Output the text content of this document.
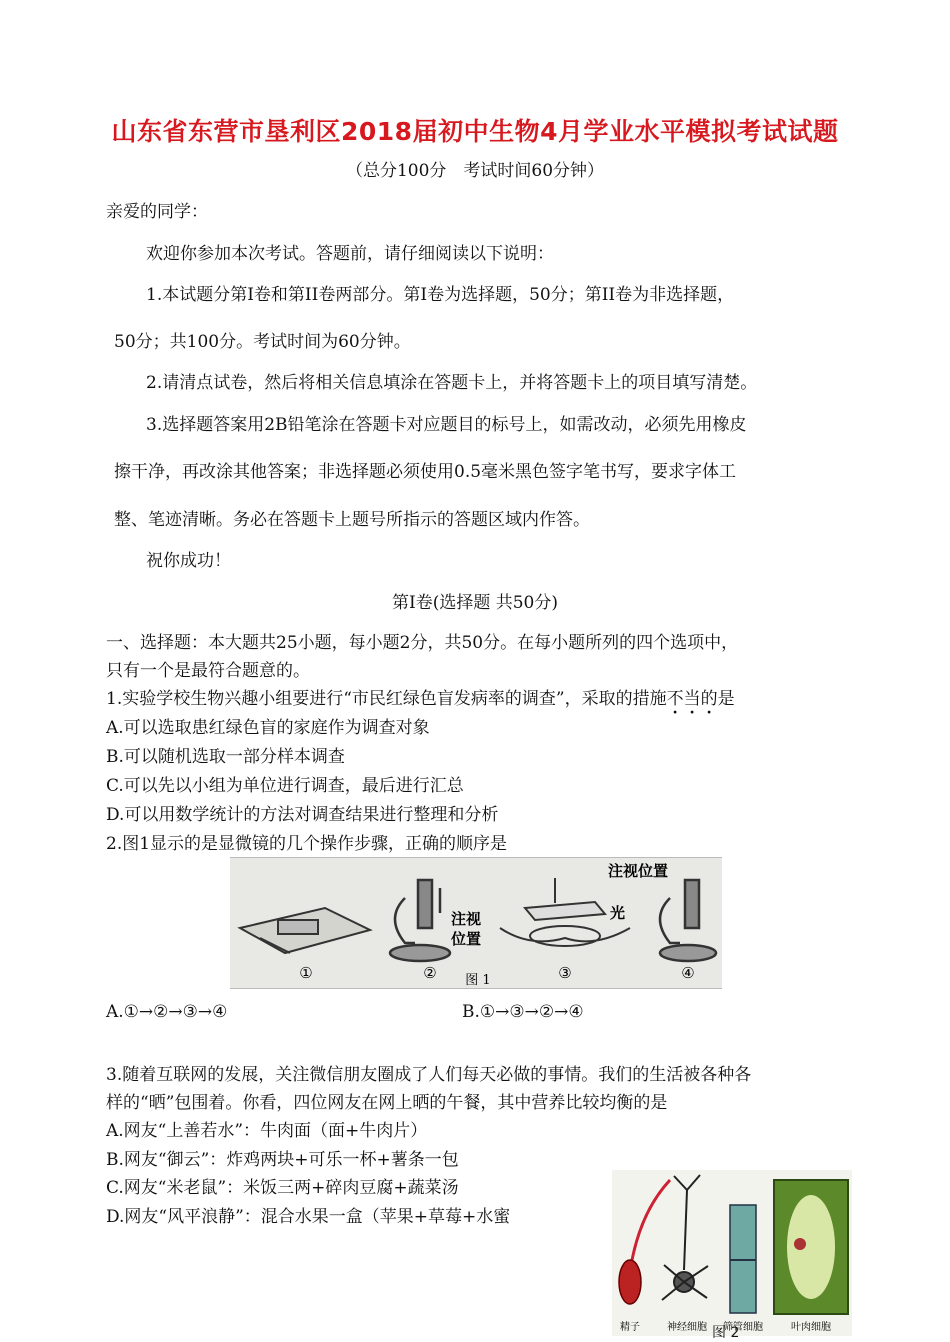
山东省东营市垦利区2018届初中生物4月学业水平模拟考试试题
（总分100分　考试时间60分钟）
亲爱的同学：
欢迎你参加本次考试。答题前，请仔细阅读以下说明：
1.本试题分第Ⅰ卷和第II卷两部分。第Ⅰ卷为选择题，50分；第II卷为非选择题，
50分；共100分。考试时间为60分钟。
2.请清点试卷，然后将相关信息填涂在答题卡上，并将答题卡上的项目填写清楚。
3.选择题答案用2B铅笔涂在答题卡对应题目的标号上，如需改动，必须先用橡皮
擦干净，再改涂其他答案；非选择题必须使用0.5毫米黑色签字笔书写，要求字体工
整、笔迹清晰。务必在答题卡上题号所指示的答题区域内作答。
祝你成功！
第Ⅰ卷(选择题 共50分)
一、选择题：本大题共25小题，每小题2分，共50分。在每小题所列的四个选项中，
只有一个是最符合题意的。
1.实验学校生物兴趣小组要进行“市民红绿色盲发病率的调查”，采取的措施不当的是
A.可以选取患红绿色盲的家庭作为调查对象
B.可以随机选取一部分样本调查
C.可以先以小组为单位进行调查，最后进行汇总
D.可以用数学统计的方法对调查结果进行整理和分析
2.图1显示的是显微镜的几个操作步骤，正确的顺序是
注视
位置
光
注视位置
①	②	③	④
图 1
A.①→②→③→④	B.①→③→②→④
3.随着互联网的发展，关注微信朋友圈成了人们每天必做的事情。我们的生活被各种各
样的“晒”包围着。你看，四位网友在网上晒的午餐，其中营养比较均衡的是
A.网友“上善若水”：牛肉面（面+牛肉片）
B.网友“御云”：炸鸡两块+可乐一杯+薯条一包
C.网友“米老鼠”：米饭三两+碎肉豆腐+蔬菜汤
D.网友“风平浪静”：混合水果一盒（苹果+草莓+水蜜
精子	神经细胞 筛管细胞	叶肉细胞
图 2
